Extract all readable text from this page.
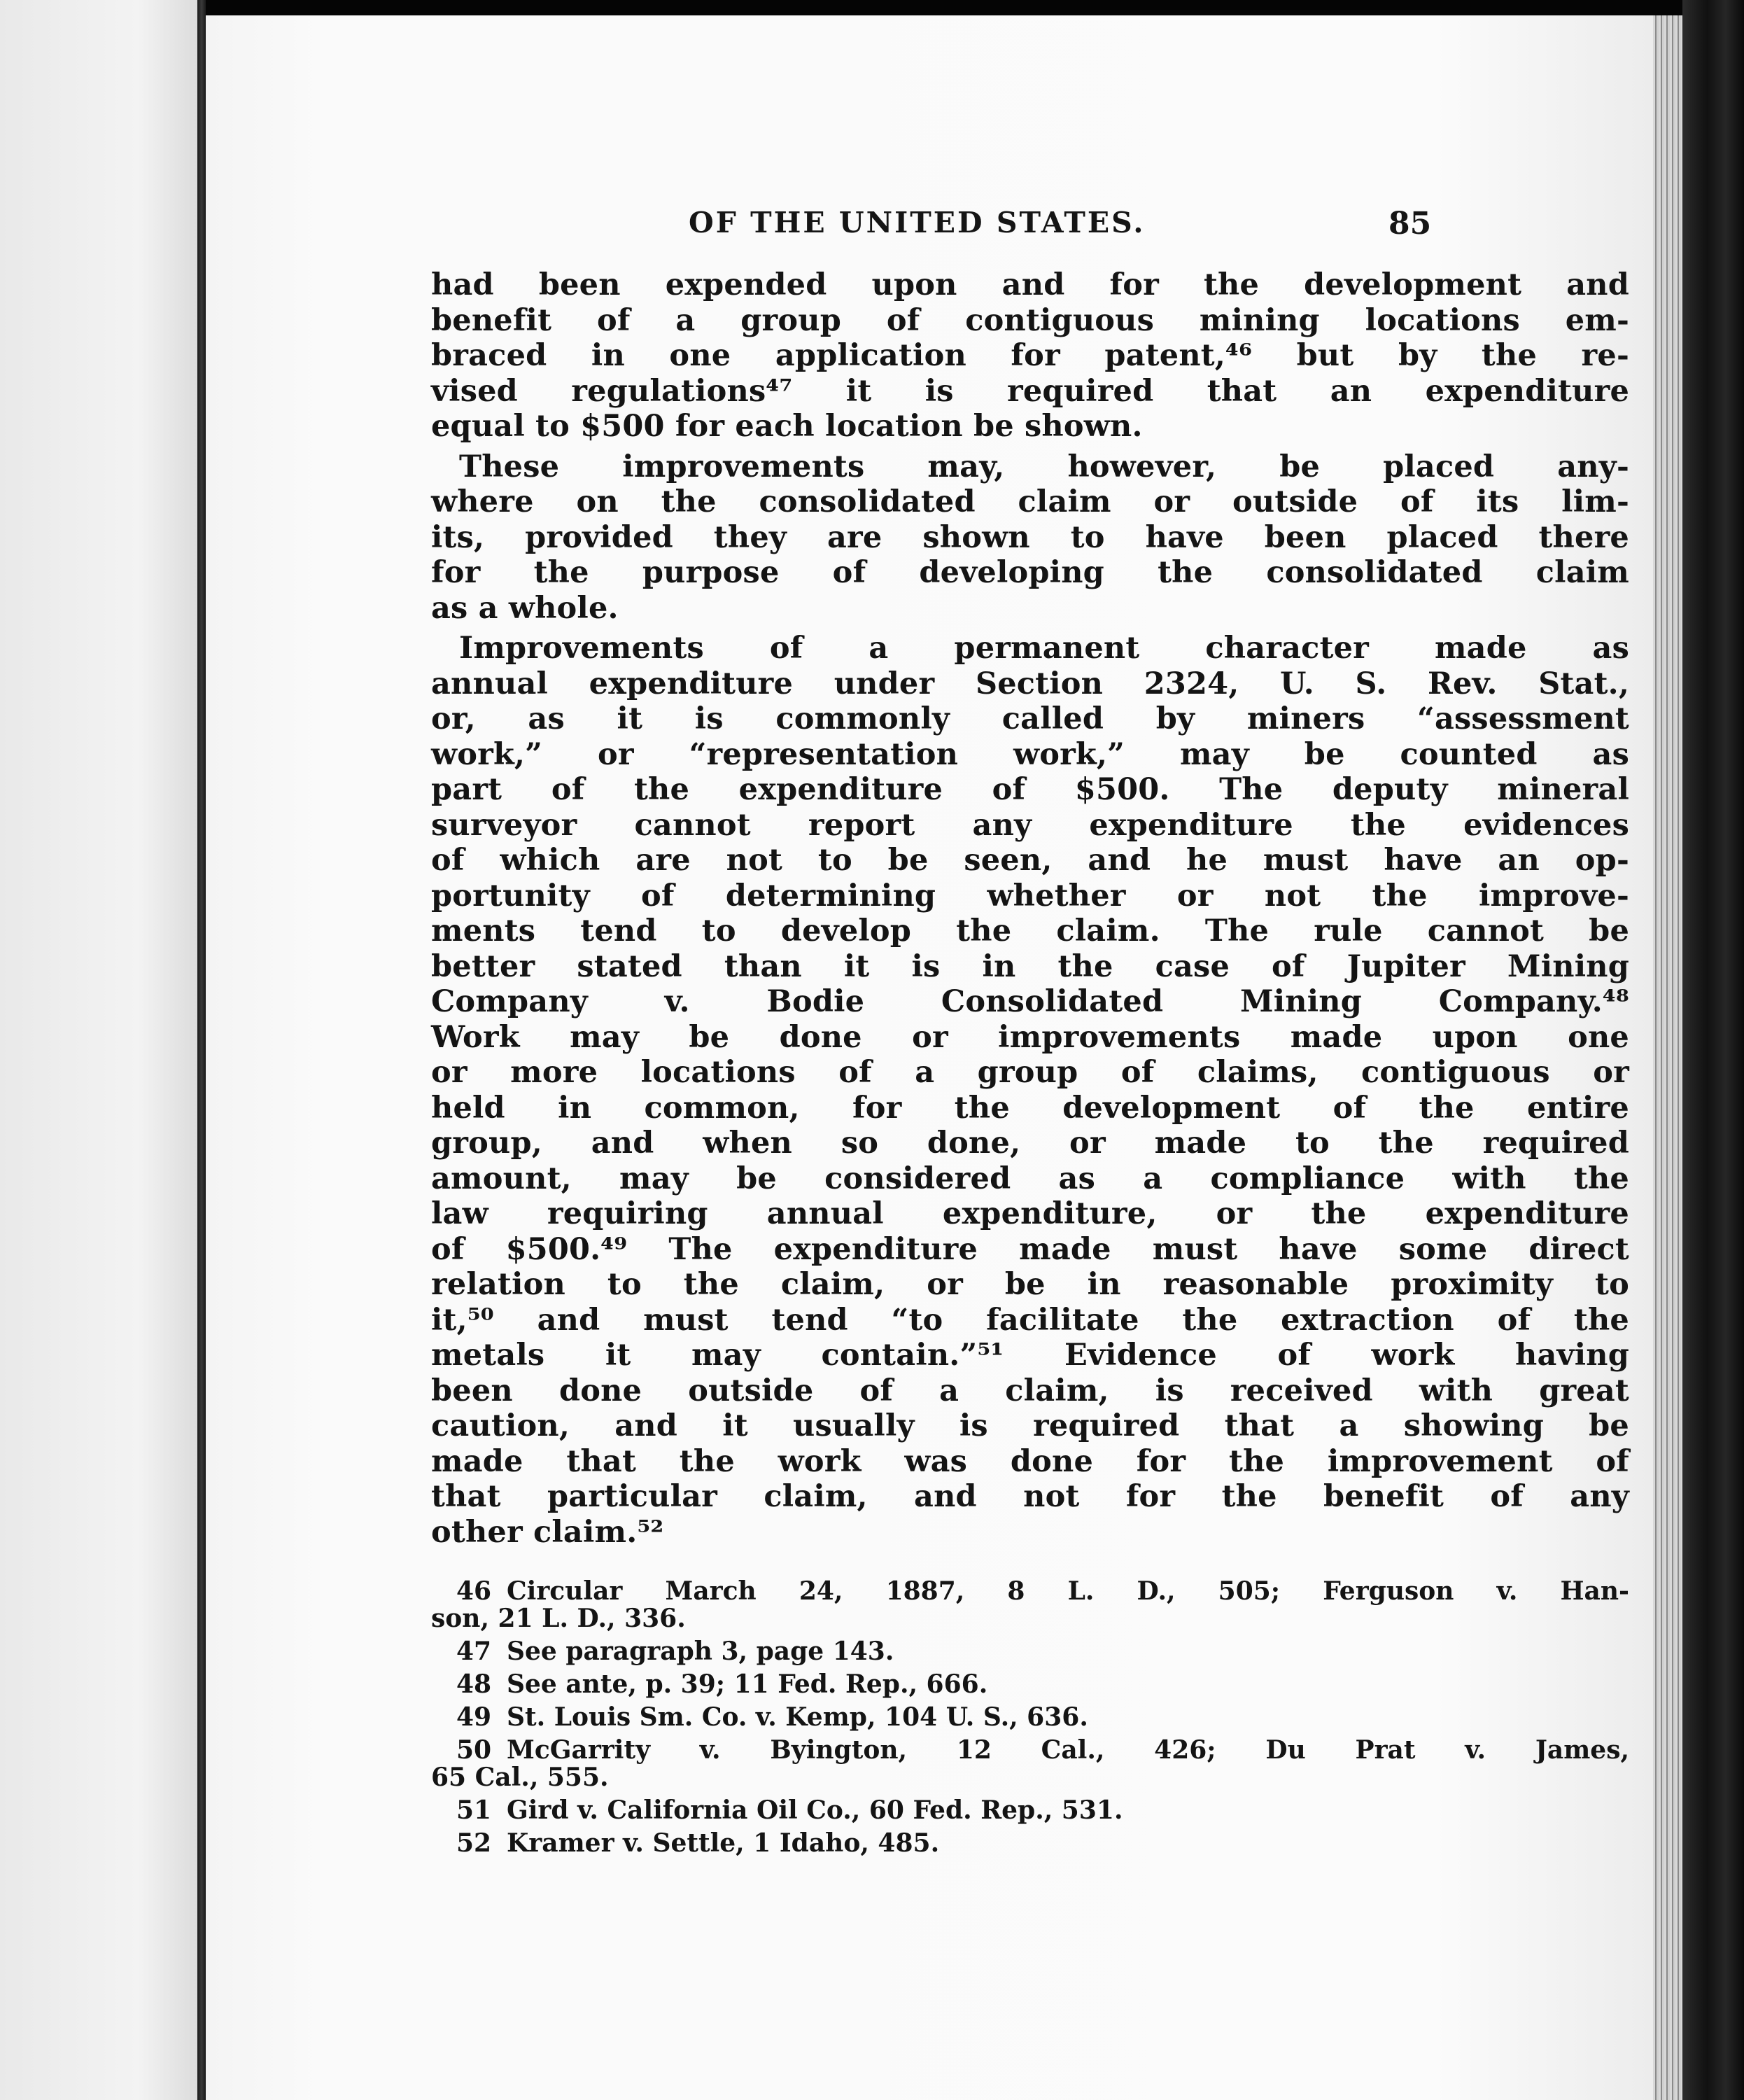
OF THE UNITED STATES.	85
had been expended upon and for the development and
benefit of a group of contiguous mining locations em-
braced in one application for patent,⁴⁶ but by the re-
vised regulations⁴⁷ it is required that an expenditure
equal to $500 for each location be shown.
These improvements may, however, be placed any-
where on the consolidated claim or outside of its lim-
its, provided they are shown to have been placed there
for the purpose of developing the consolidated claim
as a whole.
Improvements of a permanent character made as
annual expenditure under Section 2324, U. S. Rev. Stat.,
or, as it is commonly called by miners “assessment
work,” or “representation work,” may be counted as
part of the expenditure of $500. The deputy mineral
surveyor cannot report any expenditure the evidences
of which are not to be seen, and he must have an op-
portunity of determining whether or not the improve-
ments tend to develop the claim. The rule cannot be
better stated than it is in the case of Jupiter Mining
Company v. Bodie Consolidated Mining Company.⁴⁸
Work may be done or improvements made upon one
or more locations of a group of claims, contiguous or
held in common, for the development of the entire
group, and when so done, or made to the required
amount, may be considered as a compliance with the
law requiring annual expenditure, or the expenditure
of $500.⁴⁹ The expenditure made must have some direct
relation to the claim, or be in reasonable proximity to
it,⁵⁰ and must tend “to facilitate the extraction of the
metals it may contain.”⁵¹ Evidence of work having
been done outside of a claim, is received with great
caution, and it usually is required that a showing be
made that the work was done for the improvement of
that particular claim, and not for the benefit of any
other claim.⁵²
46 Circular March 24, 1887, 8 L. D., 505; Ferguson v. Han-
son, 21 L. D., 336.
47 See paragraph 3, page 143.
48 See ante, p. 39; 11 Fed. Rep., 666.
49 St. Louis Sm. Co. v. Kemp, 104 U. S., 636.
50 McGarrity v. Byington, 12 Cal., 426; Du Prat v. James,
65 Cal., 555.
51 Gird v. California Oil Co., 60 Fed. Rep., 531.
52 Kramer v. Settle, 1 Idaho, 485.
